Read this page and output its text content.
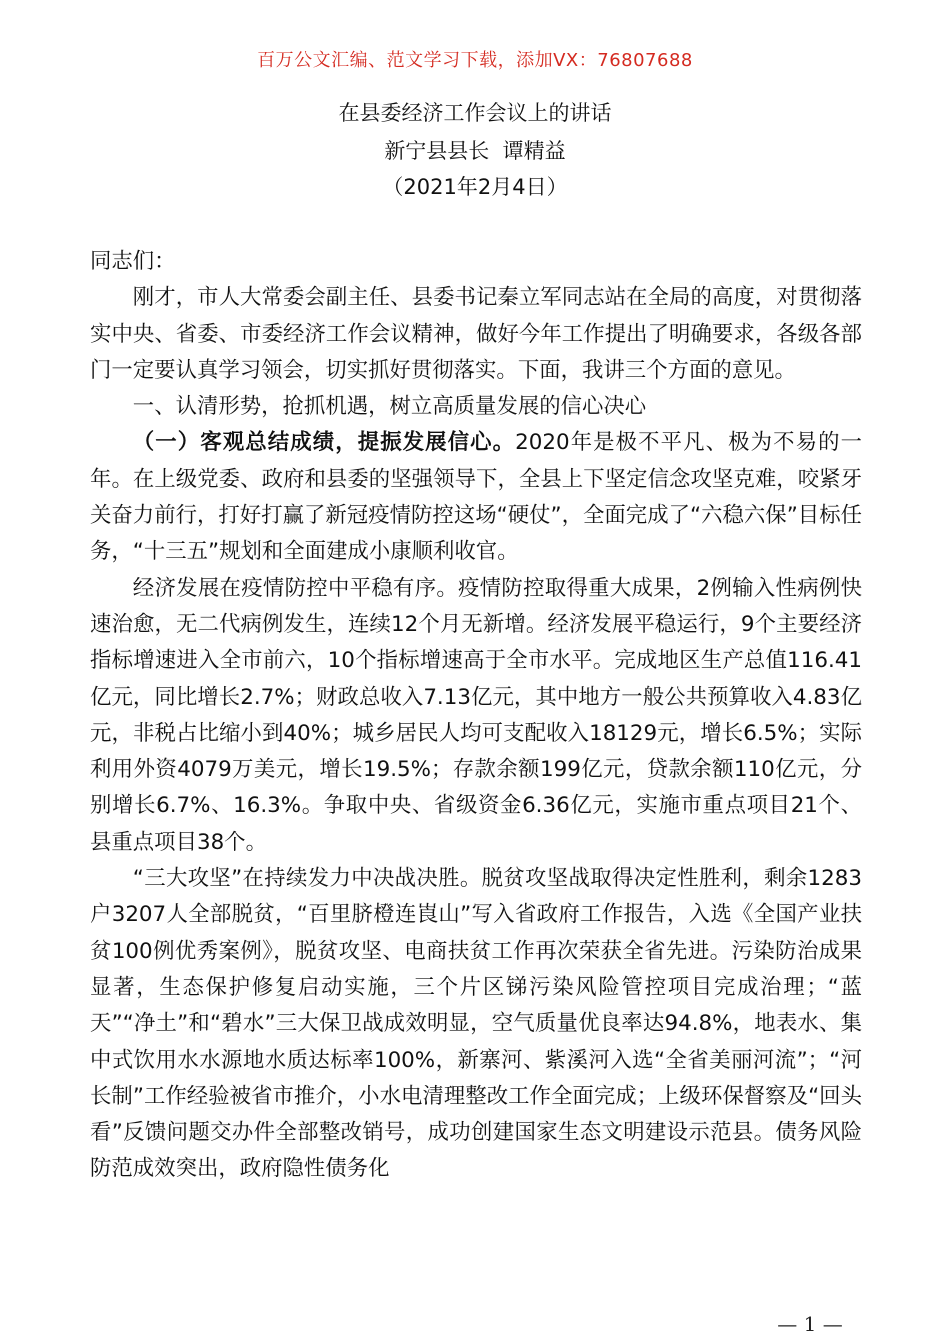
百万公文汇编、范文学习下载，添加VX：76807688
在县委经济工作会议上的讲话
新宁县县长  谭精益
（2021年2月4日）

同志们：

刚才，市人大常委会副主任、县委书记秦立军同志站在全局的高度，对贯彻落实中央、省委、市委经济工作会议精神，做好今年工作提出了明确要求，各级各部门一定要认真学习领会，切实抓好贯彻落实。下面，我讲三个方面的意见。

一、认清形势，抢抓机遇，树立高质量发展的信心决心

（一）客观总结成绩，提振发展信心。2020年是极不平凡、极为不易的一年。在上级党委、政府和县委的坚强领导下，全县上下坚定信念攻坚克难，咬紧牙关奋力前行，打好打赢了新冠疫情防控这场“硬仗”，全面完成了“六稳六保”目标任务，“十三五”规划和全面建成小康顺利收官。

经济发展在疫情防控中平稳有序。疫情防控取得重大成果，2例输入性病例快速治愈，无二代病例发生，连续12个月无新增。经济发展平稳运行，9个主要经济指标增速进入全市前六，10个指标增速高于全市水平。完成地区生产总值116.41亿元，同比增长2.7%；财政总收入7.13亿元，其中地方一般公共预算收入4.83亿元，非税占比缩小到40%；城乡居民人均可支配收入18129元，增长6.5%；实际利用外资4079万美元，增长19.5%；存款余额199亿元，贷款余额110亿元，分别增长6.7%、16.3%。争取中央、省级资金6.36亿元，实施市重点项目21个、县重点项目38个。

“三大攻坚”在持续发力中决战决胜。脱贫攻坚战取得决定性胜利，剩余1283户3207人全部脱贫，“百里脐橙连崀山”写入省政府工作报告，入选《全国产业扶贫100例优秀案例》，脱贫攻坚、电商扶贫工作再次荣获全省先进。污染防治成果显著，生态保护修复启动实施，三个片区锑污染风险管控项目完成治理；“蓝天”“净土”和“碧水”三大保卫战成效明显，空气质量优良率达94.8%，地表水、集中式饮用水水源地水质达标率100%，新寨河、紫溪河入选“全省美丽河流”；“河长制”工作经验被省市推介，小水电清理整改工作全面完成；上级环保督察及“回头看”反馈问题交办件全部整改销号，成功创建国家生态文明建设示范县。债务风险防范成效突出，政府隐性债务化

— 1 —
